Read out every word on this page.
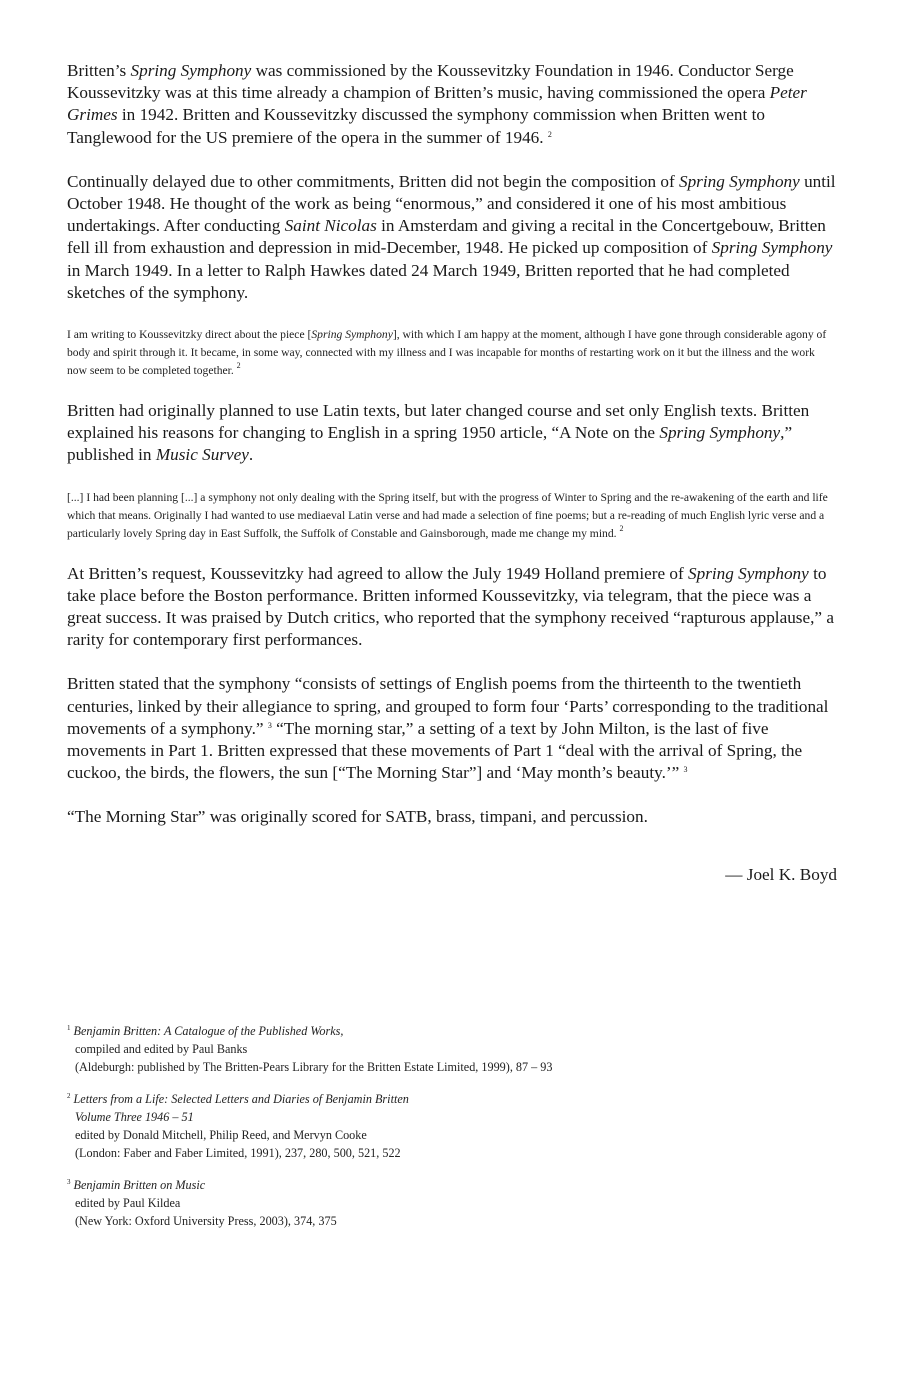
Britten’s Spring Symphony was commissioned by the Koussevitzky Foundation in 1946. Conductor Serge Koussevitzky was at this time already a champion of Britten’s music, having commissioned the opera Peter Grimes in 1942. Britten and Koussevitzky discussed the symphony commission when Britten went to Tanglewood for the US premiere of the opera in the summer of 1946. $^2$

Continually delayed due to other commitments, Britten did not begin the composition of Spring Symphony until October 1948. He thought of the work as being “enormous,” and considered it one of his most ambitious undertakings. After conducting Saint Nicolas in Amsterdam and giving a recital in the Concertgebouw, Britten fell ill from exhaustion and depression in mid-December, 1948. He picked up composition of Spring Symphony in March 1949. In a letter to Ralph Hawkes dated 24 March 1949, Britten reported that he had completed sketches of the symphony.

I am writing to Koussevitzky direct about the piece [Spring Symphony], with which I am happy at the moment, although I have gone through considerable agony of body and spirit through it. It became, in some way, connected with my illness and I was incapable for months of restarting work on it but the illness and the work now seem to be completed together. $^2$

Britten had originally planned to use Latin texts, but later changed course and set only English texts. Britten explained his reasons for changing to English in a spring 1950 article, “A Note on the Spring Symphony,” published in Music Survey.

[...] I had been planning [...] a symphony not only dealing with the Spring itself, but with the progress of Winter to Spring and the re-awakening of the earth and life which that means. Originally I had wanted to use mediaeval Latin verse and had made a selection of fine poems; but a re-reading of much English lyric verse and a particularly lovely Spring day in East Suffolk, the Suffolk of Constable and Gainsborough, made me change my mind. $^2$

At Britten’s request, Koussevitzky had agreed to allow the July 1949 Holland premiere of Spring Symphony to take place before the Boston performance. Britten informed Koussevitzky, via telegram, that the piece was a great success. It was praised by Dutch critics, who reported that the symphony received “rapturous applause,” a rarity for contemporary first performances.

Britten stated that the symphony “consists of settings of English poems from the thirteenth to the twentieth centuries, linked by their allegiance to spring, and grouped to form four ‘Parts’ corresponding to the traditional movements of a symphony.” $^3$ “The morning star,” a setting of a text by John Milton, is the last of five movements in Part 1. Britten expressed that these movements of Part 1 “deal with the arrival of Spring, the cuckoo, the birds, the flowers, the sun [“The Morning Star”] and ‘May month’s beauty.’” $^3$

“The Morning Star” was originally scored for SATB, brass, timpani, and percussion.

— Joel K. Boyd

$^1$ Benjamin Britten: A Catalogue of the Published Works,
compiled and edited by Paul Banks
(Aldeburgh: published by The Britten-Pears Library for the Britten Estate Limited, 1999), 87 – 93
$^2$ Letters from a Life: Selected Letters and Diaries of Benjamin Britten
Volume Three 1946 – 51
edited by Donald Mitchell, Philip Reed, and Mervyn Cooke
(London: Faber and Faber Limited, 1991), 237, 280, 500, 521, 522
$^3$ Benjamin Britten on Music
edited by Paul Kildea
(New York: Oxford University Press, 2003), 374, 375
